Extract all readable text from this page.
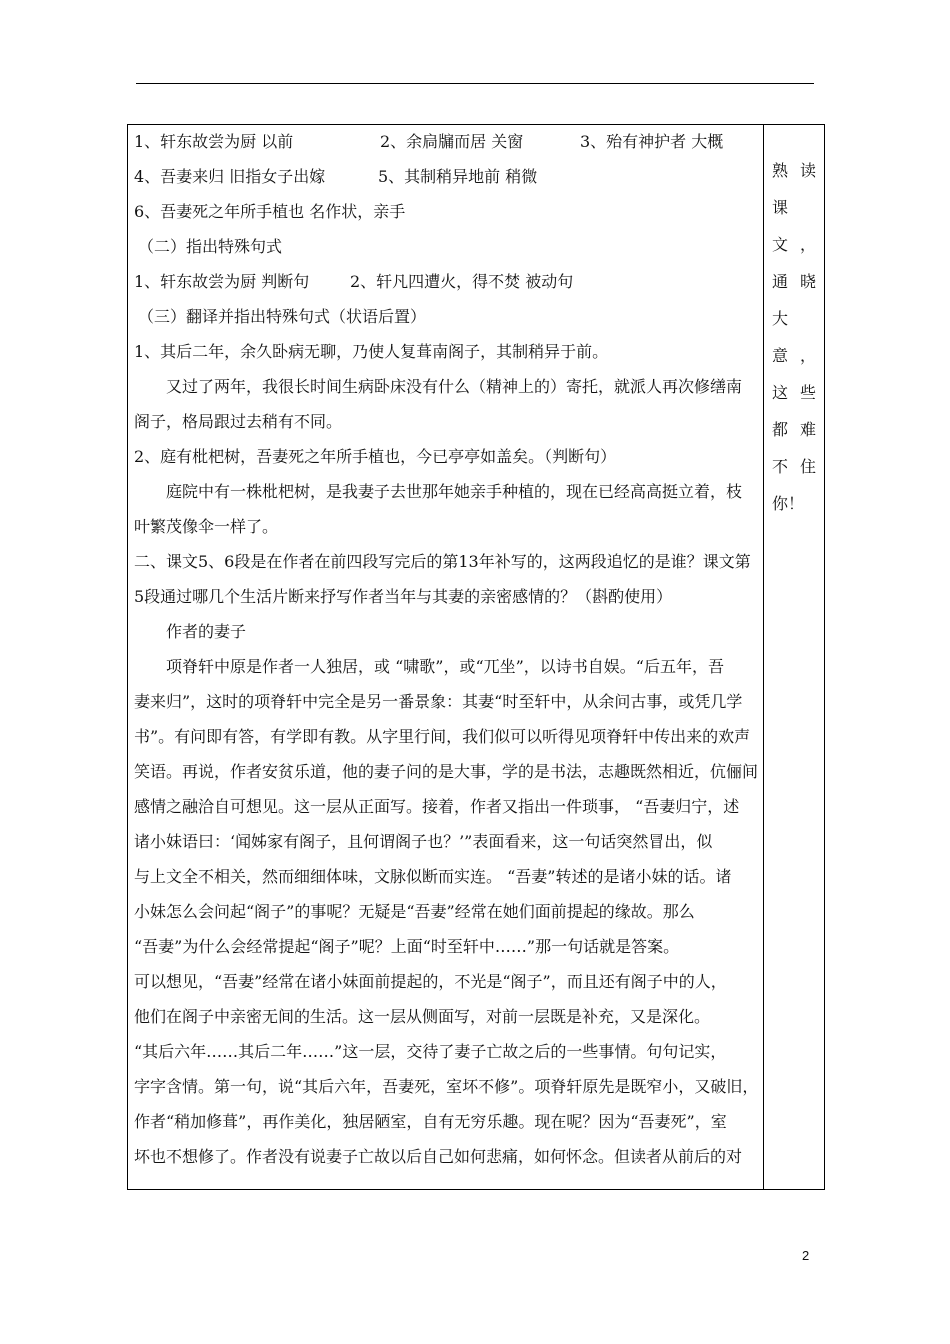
1、轩东故尝为厨 以前	2、余扃牖而居 关窗	3、殆有神护者 大概
4、吾妻来归 旧指女子出嫁	5、其制稍异地前 稍微
6、吾妻死之年所手植也 名作状，亲手
（二）指出特殊句式
1、轩东故尝为厨 判断句	2、轩凡四遭火，得不焚 被动句
（三）翻译并指出特殊句式（状语后置）
1、其后二年，余久卧病无聊，乃使人复葺南阁子，其制稍异于前。
又过了两年，我很长时间生病卧床没有什么（精神上的）寄托，就派人再次修缮南
阁子，格局跟过去稍有不同。
2、庭有枇杷树，吾妻死之年所手植也，今已亭亭如盖矣。（判断句）
庭院中有一株枇杷树，是我妻子去世那年她亲手种植的，现在已经高高挺立着，枝
叶繁茂像伞一样了。
二、课文5、6段是在作者在前四段写完后的第13年补写的，这两段追忆的是谁？课文第
5段通过哪几个生活片断来抒写作者当年与其妻的亲密感情的？（斟酌使用）
作者的妻子
项脊轩中原是作者一人独居，或 “啸歌”，或“兀坐”，以诗书自娱。“后五年，吾
妻来归”，这时的项脊轩中完全是另一番景象：其妻“时至轩中，从余问古事，或凭几学
书”。有问即有答，有学即有教。从字里行间，我们似可以听得见项脊轩中传出来的欢声
笑语。再说，作者安贫乐道，他的妻子问的是大事，学的是书法，志趣既然相近，伉俪间
感情之融洽自可想见。这一层从正面写。接着，作者又指出一件琐事， “吾妻归宁，述
诸小妹语曰：‘闻姊家有阁子，且何谓阁子也？’”表面看来，这一句话突然冒出，似
与上文全不相关，然而细细体味，文脉似断而实连。 “吾妻”转述的是诸小妹的话。诸
小妹怎么会问起“阁子”的事呢？无疑是“吾妻”经常在她们面前提起的缘故。那么
“吾妻”为什么会经常提起“阁子”呢？上面“时至轩中……”那一句话就是答案。
可以想见，“吾妻”经常在诸小妹面前提起的，不光是“阁子”，而且还有阁子中的人，
他们在阁子中亲密无间的生活。这一层从侧面写，对前一层既是补充，又是深化。
“其后六年……其后二年……”这一层，交待了妻子亡故之后的一些事情。句句记实，
字字含情。第一句，说“其后六年，吾妻死，室坏不修”。项脊轩原先是既窄小，又破旧，
作者“稍加修葺”，再作美化，独居陋室，自有无穷乐趣。现在呢？因为“吾妻死”，室
坏也不想修了。作者没有说妻子亡故以后自己如何悲痛，如何怀念。但读者从前后的对
熟 读
课
文 ，
通 晓
大
意 ，
这 些
都 难
不 住
你 ！
2
